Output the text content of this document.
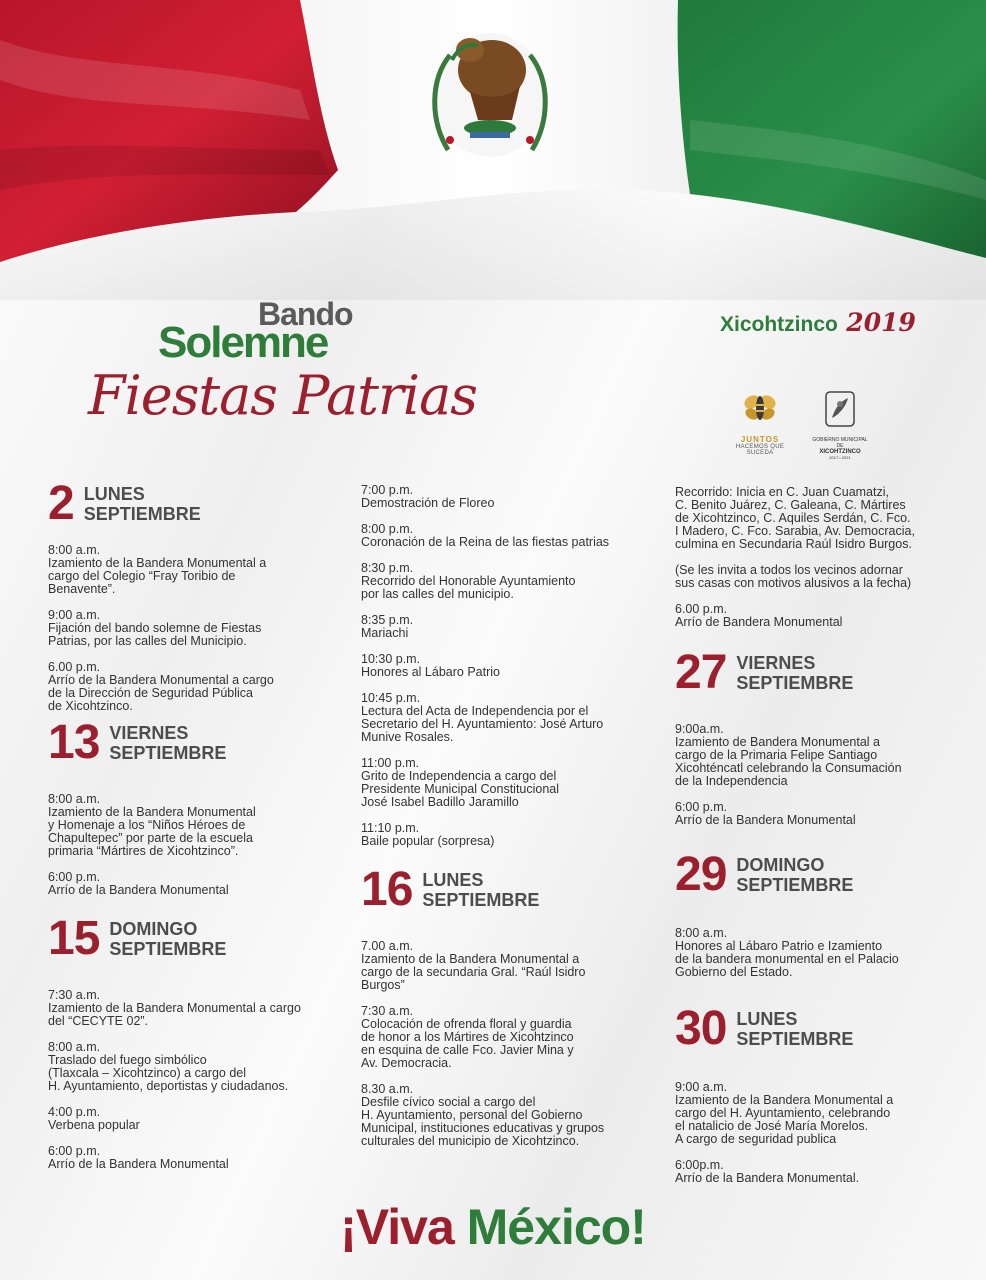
Bando
Solemne
Fiestas Patrias
Xicohtzinco 2019
JUNTOS
HACEMOS QUE SUCEDA
GOBIERNO MUNICIPAL DE
XICOHTZINCO
2017 • 2021
2 LUNES
SEPTIEMBRE
8:00 a.m.
Izamiento de la Bandera Monumental a
cargo del Colegio “Fray Toribio de
Benavente”.
9:00 a.m.
Fijación del bando solemne de Fiestas
Patrias, por las calles del Municipio.
6.00 p.m.
Arrío de la Bandera Monumental a cargo
de la Dirección de Seguridad Pública
de Xicohtzinco.
13 VIERNES
SEPTIEMBRE
8:00 a.m.
Izamiento de la Bandera Monumental
y Homenaje a los “Niños Héroes de
Chapultepec” por parte de la escuela
primaria “Mártires de Xicohtzinco”.
6:00 p.m.
Arrío de la Bandera Monumental
15 DOMINGO
SEPTIEMBRE
7:30 a.m.
Izamiento de la Bandera Monumental a cargo
del “CECYTE 02”.
8:00 a.m.
Traslado del fuego simbólico
(Tlaxcala – Xicohtzinco) a cargo del
H. Ayuntamiento, deportistas y ciudadanos.
4:00 p.m.
Verbena popular
6:00 p.m.
Arrío de la Bandera Monumental
7:00 p.m.
Demostración de Floreo
8:00 p.m.
Coronación de la Reina de las fiestas patrias
8:30 p.m.
Recorrido del Honorable Ayuntamiento
por las calles del municipio.
8:35 p.m.
Mariachi
10:30 p.m.
Honores al Lábaro Patrio
10:45 p.m.
Lectura del Acta de Independencia por el
Secretario del H. Ayuntamiento: José Arturo
Munive Rosales.
11:00 p.m.
Grito de Independencia a cargo del
Presidente Municipal Constitucional
José Isabel Badillo Jaramillo
11:10 p.m.
Baile popular (sorpresa)
16 LUNES
SEPTIEMBRE
7.00 a.m.
Izamiento de la Bandera Monumental a
cargo de la secundaria Gral. “Raúl Isidro
Burgos”
7:30 a.m.
Colocación de ofrenda floral y guardia
de honor a los Mártires de Xicohtzinco
en esquina de calle Fco. Javier Mina y
Av. Democracia.
8.30 a.m.
Desfile cívico social a cargo del
H. Ayuntamiento, personal del Gobierno
Municipal, instituciones educativas y grupos
culturales del municipio de Xicohtzinco.
Recorrido: Inicia en C. Juan Cuamatzi,
C. Benito Juárez, C. Galeana, C. Mártires
de Xicohtzinco, C. Aquiles Serdán, C. Fco.
I Madero, C. Fco. Sarabia, Av. Democracia,
culmina en Secundaria Raúl Isidro Burgos.
(Se les invita a todos los vecinos adornar
sus casas con motivos alusivos a la fecha)
6.00 p.m.
Arrío de Bandera Monumental
27 VIERNES
SEPTIEMBRE
9:00a.m.
Izamiento de Bandera Monumental a
cargo de la Primaria Felipe Santiago
Xicohténcatl celebrando la Consumación
de la Independencia
6:00 p.m.
Arrío de la Bandera Monumental
29 DOMINGO
SEPTIEMBRE
8:00 a.m.
Honores al Lábaro Patrio e Izamiento
de la bandera monumental en el Palacio
Gobierno del Estado.
30 LUNES
SEPTIEMBRE
9:00 a.m.
Izamiento de la Bandera Monumental a
cargo del H. Ayuntamiento, celebrando
el natalicio de José María Morelos.
A cargo de seguridad publica
6:00p.m.
Arrío de la Bandera Monumental.
¡Viva México!
